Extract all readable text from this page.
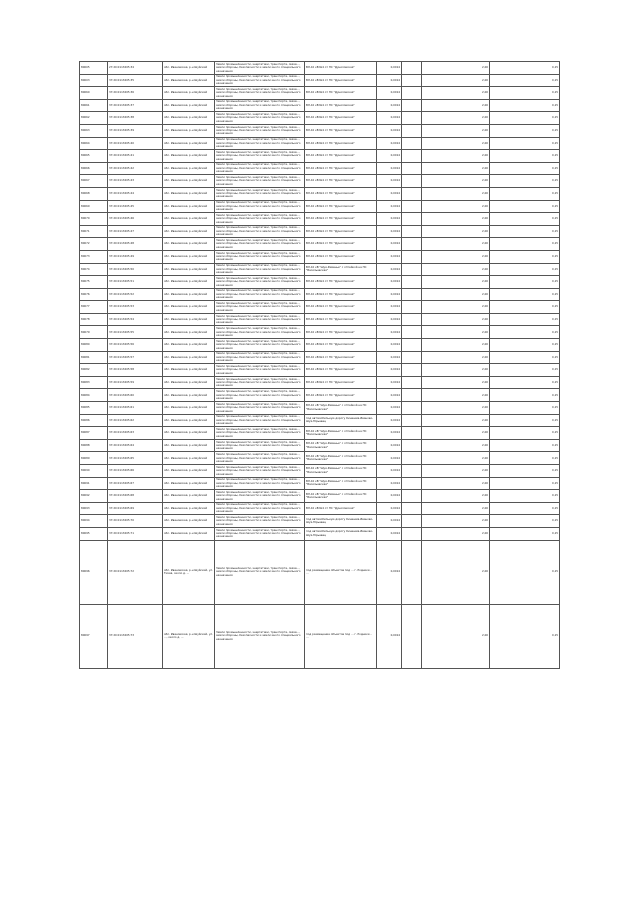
80005	27:20:0113205:34	обл. Ивановская, р-н Шуйский	Земли промышленности, энергетики, транспорта, связи..., земли обороны, безопасности и земли иного специального назначения	ВЛ-10 кВ №4 от ПС "Дуниловская"	0,0014		2,00	0,15
80003	37:20:0113205:35	обл. Ивановская, р-н Шуйский	Земли промышленности, энергетики, транспорта, связи..., земли обороны, безопасности и земли иного специального назначения	ВЛ-10 кВ №4 от ПС "Дуниловская"	0,0014		2,00	0,15
80060	37:20:0113205:36	обл. Ивановская, р-н Шуйский	Земли промышленности, энергетики, транспорта, связи..., земли обороны, безопасности и земли иного специального назначения	ВЛ-10 кВ №4 от ПС "Дуниловская"	0,0014		2,00	0,15
80061	37:20:0113205:37	обл. Ивановская, р-н Шуйский	Земли промышленности, энергетики, транспорта, связи..., земли обороны, безопасности и земли иного специального назначения	ВЛ-10 кВ №4 от ПС "Дуниловская"	0,0014		2,00	0,15
80062	37:20:0113205:38	обл. Ивановская, р-н Шуйский	Земли промышленности, энергетики, транспорта, связи..., земли обороны, безопасности и земли иного специального назначения	ВЛ-10 кВ №4 от ПС "Дуниловская"	0,0014		2,00	0,15
80063	37:20:0113205:39	обл. Ивановская, р-н Шуйский	Земли промышленности, энергетики, транспорта, связи..., земли обороны, безопасности и земли иного специального назначения	ВЛ-10 кВ №4 от ПС "Дуниловская"	0,0014		2,00	0,15
80064	37:20:0113205:40	обл. Ивановская, р-н Шуйский	Земли промышленности, энергетики, транспорта, связи..., земли обороны, безопасности и земли иного специального назначения	ВЛ-10 кВ №4 от ПС "Дуниловская"	0,0014		2,00	0,15
80065	37:20:0113205:41	обл. Ивановская, р-н Шуйский	Земли промышленности, энергетики, транспорта, связи..., земли обороны, безопасности и земли иного специального назначения	ВЛ-10 кВ №4 от ПС "Дуниловская"	0,0014		2,00	0,15
80066	37:20:0113205:42	обл. Ивановская, р-н Шуйский	Земли промышленности, энергетики, транспорта, связи..., земли обороны, безопасности и земли иного специального назначения	ВЛ-10 кВ №4 от ПС "Дуниловская"	0,0014		2,00	0,15
80067	37:20:0113205:43	обл. Ивановская, р-н Шуйский	Земли промышленности, энергетики, транспорта, связи..., земли обороны, безопасности и земли иного специального назначения	ВЛ-10 кВ №4 от ПС "Дуниловская"	0,0014		2,00	0,15
80068	37:20:0113205:44	обл. Ивановская, р-н Шуйский	Земли промышленности, энергетики, транспорта, связи..., земли обороны, безопасности и земли иного специального назначения	ВЛ-10 кВ №4 от ПС "Дуниловская"	0,0014		2,00	0,15
80069	37:20:0113205:45	обл. Ивановская, р-н Шуйский	Земли промышленности, энергетики, транспорта, связи..., земли обороны, безопасности и земли иного специального назначения	ВЛ-10 кВ №4 от ПС "Дуниловская"	0,0014		2,00	0,15
80070	37:20:0113205:46	обл. Ивановская, р-н Шуйский	Земли промышленности, энергетики, транспорта, связи..., земли обороны, безопасности и земли иного специального назначения	ВЛ-10 кВ №4 от ПС "Дуниловская"	0,0014		2,00	0,15
80071	37:20:0113205:47	обл. Ивановская, р-н Шуйский	Земли промышленности, энергетики, транспорта, связи..., земли обороны, безопасности и земли иного специального назначения	ВЛ-10 кВ №4 от ПС "Дуниловская"	0,0014		2,00	0,15
80072	37:20:0113205:48	обл. Ивановская, р-н Шуйский	Земли промышленности, энергетики, транспорта, связи..., земли обороны, безопасности и земли иного специального назначения	ВЛ-10 кВ №4 от ПС "Дуниловская"	0,0014		2,00	0,15
80073	37:20:0113205:49	обл. Ивановская, р-н Шуйский	Земли промышленности, энергетики, транспорта, связи..., земли обороны, безопасности и земли иного специального назначения	ВЛ-10 кВ №4 от ПС "Дуниловская"	0,0014		2,00	0,15
80074	37:20:0113205:50	обл. Ивановская, р-н Шуйский	Земли промышленности, энергетики, транспорта, связи..., земли обороны, безопасности и земли иного специального назначения	ВЛ-10 кВ "Шуя-Раменье" с отпайкой на ПС "Васильевская"	0,0014		2,00	0,15
80075	37:20:0113205:51	обл. Ивановская, р-н Шуйский	Земли промышленности, энергетики, транспорта, связи..., земли обороны, безопасности и земли иного специального назначения	ВЛ-10 кВ №4 от ПС "Дуниловская"	0,0014		2,00	0,15
80076	37:20:0113205:52	обл. Ивановская, р-н Шуйский	Земли промышленности, энергетики, транспорта, связи..., земли обороны, безопасности и земли иного специального назначения	ВЛ-10 кВ №4 от ПС "Дуниловская"	0,0014		2,00	0,15
80077	37:20:0113205:53	обл. Ивановская, р-н Шуйский	Земли промышленности, энергетики, транспорта, связи..., земли обороны, безопасности и земли иного специального назначения	ВЛ-10 кВ №4 от ПС "Дуниловская"	0,0014		2,00	0,15
80078	37:20:0113205:54	обл. Ивановская, р-н Шуйский	Земли промышленности, энергетики, транспорта, связи..., земли обороны, безопасности и земли иного специального назначения	ВЛ-10 кВ №4 от ПС "Дуниловская"	0,0014		2,00	0,15
80079	37:20:0113205:55	обл. Ивановская, р-н Шуйский	Земли промышленности, энергетики, транспорта, связи..., земли обороны, безопасности и земли иного специального назначения	ВЛ-10 кВ №4 от ПС "Дуниловская"	0,0014		2,00	0,15
80080	37:20:0113205:56	обл. Ивановская, р-н Шуйский	Земли промышленности, энергетики, транспорта, связи..., земли обороны, безопасности и земли иного специального назначения	ВЛ-10 кВ №4 от ПС "Дуниловская"	0,0014		2,00	0,15
80081	37:20:0113205:57	обл. Ивановская, р-н Шуйский	Земли промышленности, энергетики, транспорта, связи..., земли обороны, безопасности и земли иного специального назначения	ВЛ-10 кВ №4 от ПС "Дуниловская"	0,0014		2,00	0,15
80082	37:20:0113205:58	обл. Ивановская, р-н Шуйский	Земли промышленности, энергетики, транспорта, связи..., земли обороны, безопасности и земли иного специального назначения	ВЛ-10 кВ №4 от ПС "Дуниловская"	0,0014		2,00	0,15
80083	37:20:0113205:59	обл. Ивановская, р-н Шуйский	Земли промышленности, энергетики, транспорта, связи..., земли обороны, безопасности и земли иного специального назначения	ВЛ-10 кВ №4 от ПС "Дуниловская"	0,0014		2,00	0,15
80084	37:20:0113205:60	обл. Ивановская, р-н Шуйский	Земли промышленности, энергетики, транспорта, связи..., земли обороны, безопасности и земли иного специального назначения	ВЛ-10 кВ №4 от ПС "Дуниловская"	0,0014		2,00	0,15
80085	37:20:0113205:61	обл. Ивановская, р-н Шуйский	Земли промышленности, энергетики, транспорта, связи..., земли обороны, безопасности и земли иного специального назначения	ВЛ-10 кВ "Шуя-Раменье" с отпайкой на ПС "Васильевская"	0,0014		2,00	0,15
80086	37:20:0113205:62	обл. Ивановская, р-н Шуйский	Земли промышленности, энергетики, транспорта, связи..., земли обороны, безопасности и земли иного специального назначения	под автомобильную дорогу Кинешма-Иваново-Шуя-Юрьевец	0,0014		2,00	0,15
80087	37:20:0113205:63	обл. Ивановская, р-н Шуйский	Земли промышленности, энергетики, транспорта, связи..., земли обороны, безопасности и земли иного специального назначения	ВЛ-10 кВ "Шуя-Раменье" с отпайкой на ПС "Васильевская"	0,0014		2,00	0,15
80088	37:20:0113205:64	обл. Ивановская, р-н Шуйский	Земли промышленности, энергетики, транспорта, связи..., земли обороны, безопасности и земли иного специального назначения	ВЛ-10 кВ "Шуя-Раменье" с отпайкой на ПС "Васильевская"	0,0014		2,00	0,15
80089	37:20:0113205:65	обл. Ивановская, р-н Шуйский	Земли промышленности, энергетики, транспорта, связи..., земли обороны, безопасности и земли иного специального назначения	ВЛ-10 кВ "Шуя-Раменье" с отпайкой на ПС "Васильевская"	0,0014		2,00	0,15
80090	37:20:0113205:66	обл. Ивановская, р-н Шуйский	Земли промышленности, энергетики, транспорта, связи..., земли обороны, безопасности и земли иного специального назначения	ВЛ-10 кВ "Шуя-Раменье" с отпайкой на ПС "Васильевская"	0,0014		2,00	0,15
80091	37:20:0113205:67	обл. Ивановская, р-н Шуйский	Земли промышленности, энергетики, транспорта, связи..., земли обороны, безопасности и земли иного специального назначения	ВЛ-10 кВ "Шуя-Раменье" с отпайкой на ПС "Васильевская"	0,0014		2,00	0,15
80092	37:20:0113205:68	обл. Ивановская, р-н Шуйский	Земли промышленности, энергетики, транспорта, связи..., земли обороны, безопасности и земли иного специального назначения	ВЛ-10 кВ "Шуя-Раменье" с отпайкой на ПС "Васильевская"	0,0014		2,00	0,15
80093	37:20:0113205:69	обл. Ивановская, р-н Шуйский	Земли промышленности, энергетики, транспорта, связи..., земли обороны, безопасности и земли иного специального назначения	ВЛ-10 кВ №4 от ПС "Дуниловская"	0,0014		2,00	0,15
80094	37:20:0113205:70	обл. Ивановская, р-н Шуйский	Земли промышленности, энергетики, транспорта, связи..., земли обороны, безопасности и земли иного специального назначения	под автомобильную дорогу Кинешма-Иваново-Шуя-Юрьевец	0,0014		2,00	0,15
80095	37:20:0113205:71	обл. Ивановская, р-н Шуйский	Земли промышленности, энергетики, транспорта, связи..., земли обороны, безопасности и земли иного специального назначения	под автомобильную дорогу Кинешма-Иваново-Шуя-Юрьевец	0,0014		2,00	0,15
80096	37:20:0113205:72	обл. Ивановская, р-н Шуйский, ул. Тихая, около д. ...	Земли промышленности, энергетики, транспорта, связи..., земли обороны, безопасности и земли иного специального назначения	под размещение объектов под ... г. Родники – ...	0,0014		2,00	0,15
80097	37:20:0113205:73	обл. Ивановская, р-н Шуйский, ул. ..., около д. ...	Земли промышленности, энергетики, транспорта, связи..., земли обороны, безопасности и земли иного специального назначения	под размещение объектов под ... г. Родники – ...	0,0014		2,00	0,15
